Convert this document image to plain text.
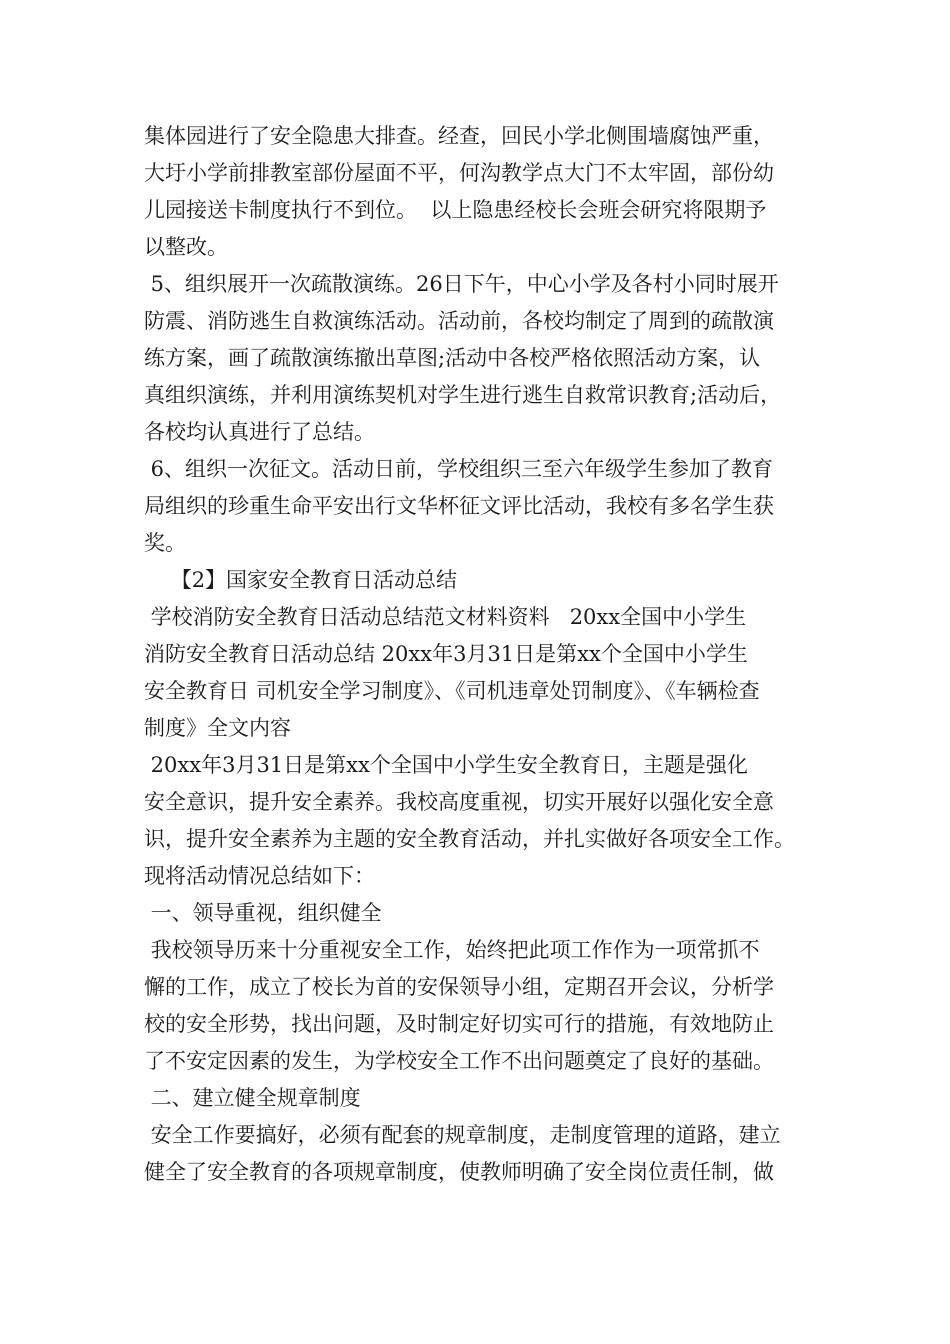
集体园进行了安全隐患大排查。经查，回民小学北侧围墙腐蚀严重，
大圩小学前排教室部份屋面不平，何沟教学点大门不太牢固，部份幼
儿园接送卡制度执行不到位。  以上隐患经校长会班会研究将限期予
以整改。
5、组织展开一次疏散演练。26日下午，中心小学及各村小同时展开
防震、消防逃生自救演练活动。活动前，各校均制定了周到的疏散演
练方案，画了疏散演练撤出草图;活动中各校严格依照活动方案，认
真组织演练，并利用演练契机对学生进行逃生自救常识教育;活动后，
各校均认真进行了总结。
6、组织一次征文。活动日前，学校组织三至六年级学生参加了教育
局组织的珍重生命平安出行文华杯征文评比活动，我校有多名学生获
奖。
【2】国家安全教育日活动总结
学校消防安全教育日活动总结范文材料资料   20xx全国中小学生
消防安全教育日活动总结 20xx年3月31日是第xx个全国中小学生
安全教育日 司机安全学习制度》、《司机违章处罚制度》、《车辆检查
制度》全文内容
20xx年3月31日是第xx个全国中小学生安全教育日，主题是强化
安全意识，提升安全素养。我校高度重视，切实开展好以强化安全意
识，提升安全素养为主题的安全教育活动，并扎实做好各项安全工作。
现将活动情况总结如下：
一、领导重视，组织健全
我校领导历来十分重视安全工作，始终把此项工作作为一项常抓不
懈的工作，成立了校长为首的安保领导小组，定期召开会议，分析学
校的安全形势，找出问题，及时制定好切实可行的措施，有效地防止
了不安定因素的发生，为学校安全工作不出问题奠定了良好的基础。
二、建立健全规章制度
安全工作要搞好，必须有配套的规章制度，走制度管理的道路，建立
健全了安全教育的各项规章制度，使教师明确了安全岗位责任制，做
